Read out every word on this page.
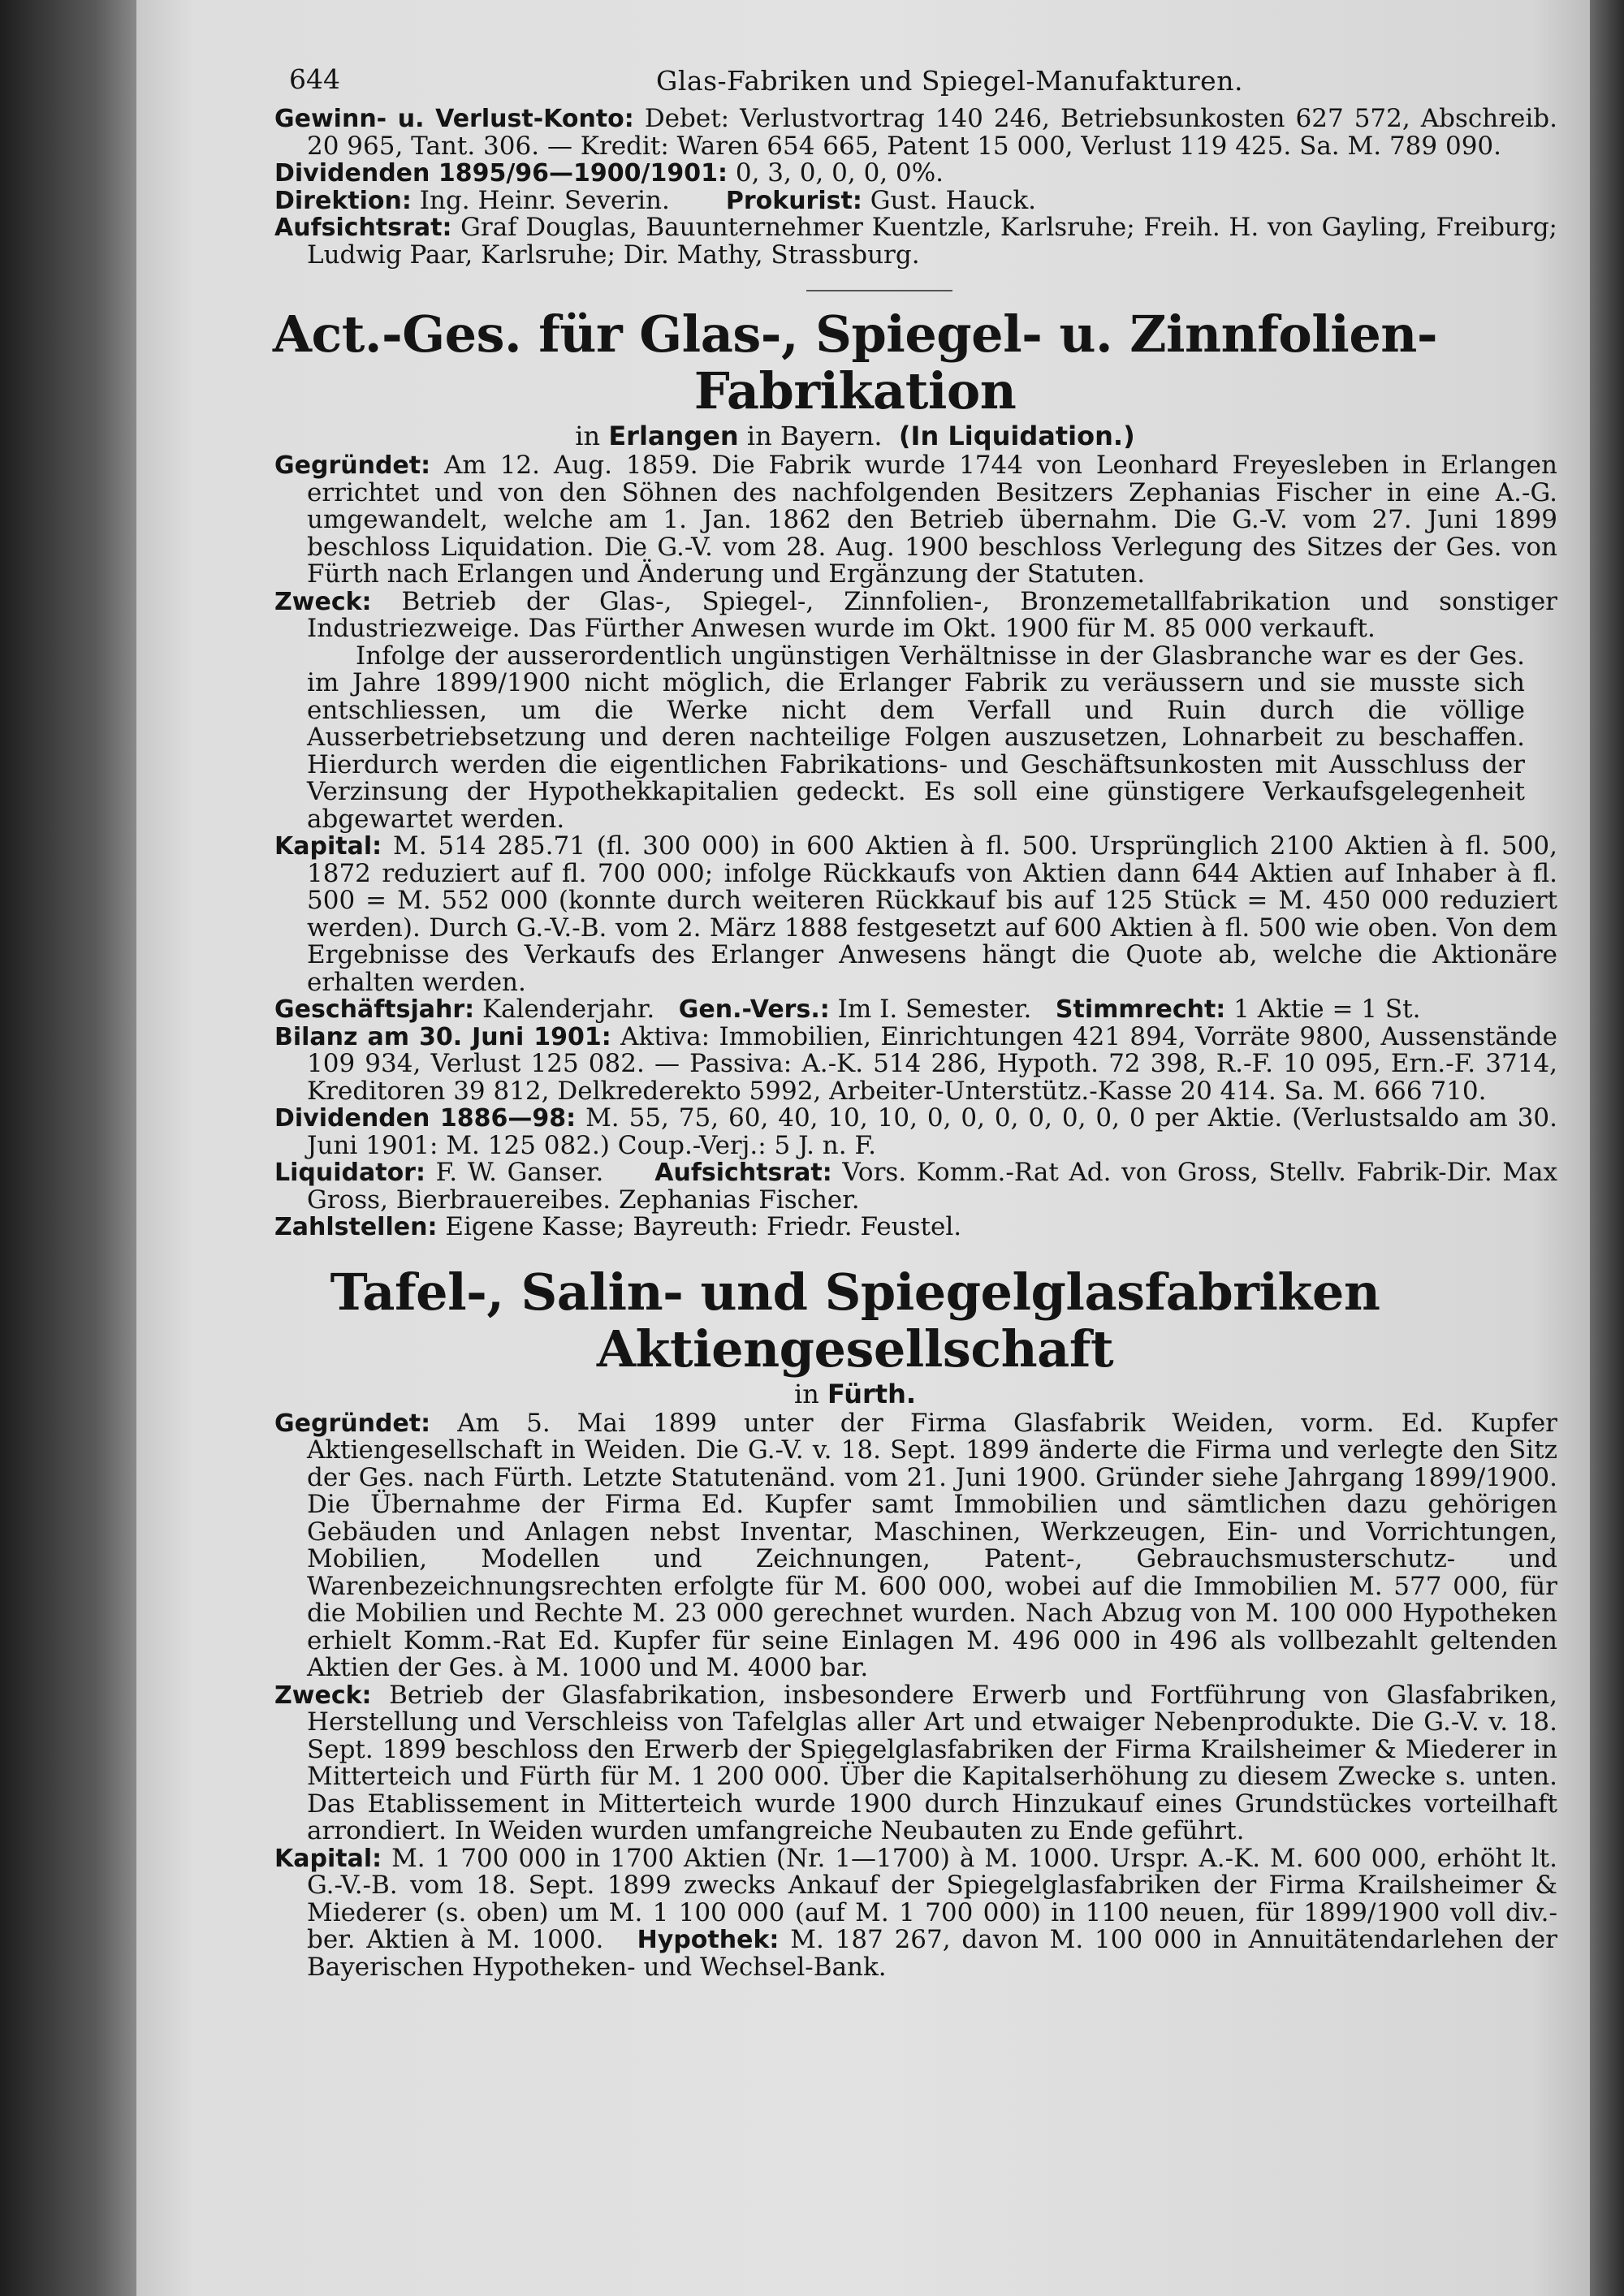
644	Glas-Fabriken und Spiegel-Manufakturen.
Gewinn- u. Verlust-Konto: Debet: Verlustvortrag 140 246, Betriebsunkosten 627 572, Abschreib. 20 965, Tant. 306. — Kredit: Waren 654 665, Patent 15 000, Verlust 119 425. Sa. M. 789 090.
Dividenden 1895/96—1900/1901: 0, 3, 0, 0, 0, 0%.
Direktion: Ing. Heinr. Severin. Prokurist: Gust. Hauck.
Aufsichtsrat: Graf Douglas, Bauunternehmer Kuentzle, Karlsruhe; Freih. H. von Gayling, Freiburg; Ludwig Paar, Karlsruhe; Dir. Mathy, Strassburg.
Act.-Ges. für Glas-, Spiegel- u. Zinnfolien-Fabrikation
in Erlangen in Bayern. (In Liquidation.)
Gegründet: Am 12. Aug. 1859. Die Fabrik wurde 1744 von Leonhard Freyesleben in Erlangen errichtet und von den Söhnen des nachfolgenden Besitzers Zephanias Fischer in eine A.-G. umgewandelt, welche am 1. Jan. 1862 den Betrieb übernahm. Die G.-V. vom 27. Juni 1899 beschloss Liquidation. Die G.-V. vom 28. Aug. 1900 beschloss Verlegung des Sitzes der Ges. von Fürth nach Erlangen und Änderung und Ergänzung der Statuten.
Zweck: Betrieb der Glas-, Spiegel-, Zinnfolien-, Bronzemetallfabrikation und sonstiger Industriezweige. Das Fürther Anwesen wurde im Okt. 1900 für M. 85 000 verkauft.
Infolge der ausserordentlich ungünstigen Verhältnisse in der Glasbranche war es der Ges. im Jahre 1899/1900 nicht möglich, die Erlanger Fabrik zu veräussern und sie musste sich entschliessen, um die Werke nicht dem Verfall und Ruin durch die völlige Ausserbetriebsetzung und deren nachteilige Folgen auszusetzen, Lohnarbeit zu beschaffen. Hierdurch werden die eigentlichen Fabrikations- und Geschäftsunkosten mit Ausschluss der Verzinsung der Hypothekkapitalien gedeckt. Es soll eine günstigere Verkaufsgelegenheit abgewartet werden.
Kapital: M. 514 285.71 (fl. 300 000) in 600 Aktien à fl. 500. Ursprünglich 2100 Aktien à fl. 500, 1872 reduziert auf fl. 700 000; infolge Rückkaufs von Aktien dann 644 Aktien auf Inhaber à fl. 500 = M. 552 000 (konnte durch weiteren Rückkauf bis auf 125 Stück = M. 450 000 reduziert werden). Durch G.-V.-B. vom 2. März 1888 festgesetzt auf 600 Aktien à fl. 500 wie oben. Von dem Ergebnisse des Verkaufs des Erlanger Anwesens hängt die Quote ab, welche die Aktionäre erhalten werden.
Geschäftsjahr: Kalenderjahr. Gen.-Vers.: Im I. Semester. Stimmrecht: 1 Aktie = 1 St.
Bilanz am 30. Juni 1901: Aktiva: Immobilien, Einrichtungen 421 894, Vorräte 9800, Aussenstände 109 934, Verlust 125 082. — Passiva: A.-K. 514 286, Hypoth. 72 398, R.-F. 10 095, Ern.-F. 3714, Kreditoren 39 812, Delkrederekto 5992, Arbeiter-Unterstütz.-Kasse 20 414. Sa. M. 666 710.
Dividenden 1886—98: M. 55, 75, 60, 40, 10, 10, 0, 0, 0, 0, 0, 0, 0 per Aktie. (Verlustsaldo am 30. Juni 1901: M. 125 082.) Coup.-Verj.: 5 J. n. F.
Liquidator: F. W. Ganser. Aufsichtsrat: Vors. Komm.-Rat Ad. von Gross, Stellv. Fabrik-Dir. Max Gross, Bierbrauereibes. Zephanias Fischer.
Zahlstellen: Eigene Kasse; Bayreuth: Friedr. Feustel.
Tafel-, Salin- und Spiegelglasfabriken Aktiengesellschaft
in Fürth.
Gegründet: Am 5. Mai 1899 unter der Firma Glasfabrik Weiden, vorm. Ed. Kupfer Aktiengesellschaft in Weiden. Die G.-V. v. 18. Sept. 1899 änderte die Firma und verlegte den Sitz der Ges. nach Fürth. Letzte Statutenänd. vom 21. Juni 1900. Gründer siehe Jahrgang 1899/1900. Die Übernahme der Firma Ed. Kupfer samt Immobilien und sämtlichen dazu gehörigen Gebäuden und Anlagen nebst Inventar, Maschinen, Werkzeugen, Ein- und Vorrichtungen, Mobilien, Modellen und Zeichnungen, Patent-, Gebrauchsmusterschutz- und Warenbezeichnungsrechten erfolgte für M. 600 000, wobei auf die Immobilien M. 577 000, für die Mobilien und Rechte M. 23 000 gerechnet wurden. Nach Abzug von M. 100 000 Hypotheken erhielt Komm.-Rat Ed. Kupfer für seine Einlagen M. 496 000 in 496 als vollbezahlt geltenden Aktien der Ges. à M. 1000 und M. 4000 bar.
Zweck: Betrieb der Glasfabrikation, insbesondere Erwerb und Fortführung von Glasfabriken, Herstellung und Verschleiss von Tafelglas aller Art und etwaiger Nebenprodukte. Die G.-V. v. 18. Sept. 1899 beschloss den Erwerb der Spiegelglasfabriken der Firma Krailsheimer & Miederer in Mitterteich und Fürth für M. 1 200 000. Über die Kapitalserhöhung zu diesem Zwecke s. unten. Das Etablissement in Mitterteich wurde 1900 durch Hinzukauf eines Grundstückes vorteilhaft arrondiert. In Weiden wurden umfangreiche Neubauten zu Ende geführt.
Kapital: M. 1 700 000 in 1700 Aktien (Nr. 1—1700) à M. 1000. Urspr. A.-K. M. 600 000, erhöht lt. G.-V.-B. vom 18. Sept. 1899 zwecks Ankauf der Spiegelglasfabriken der Firma Krailsheimer & Miederer (s. oben) um M. 1 100 000 (auf M. 1 700 000) in 1100 neuen, für 1899/1900 voll div.-ber. Aktien à M. 1000. Hypothek: M. 187 267, davon M. 100 000 in Annuitätendarlehen der Bayerischen Hypotheken- und Wechsel-Bank.
